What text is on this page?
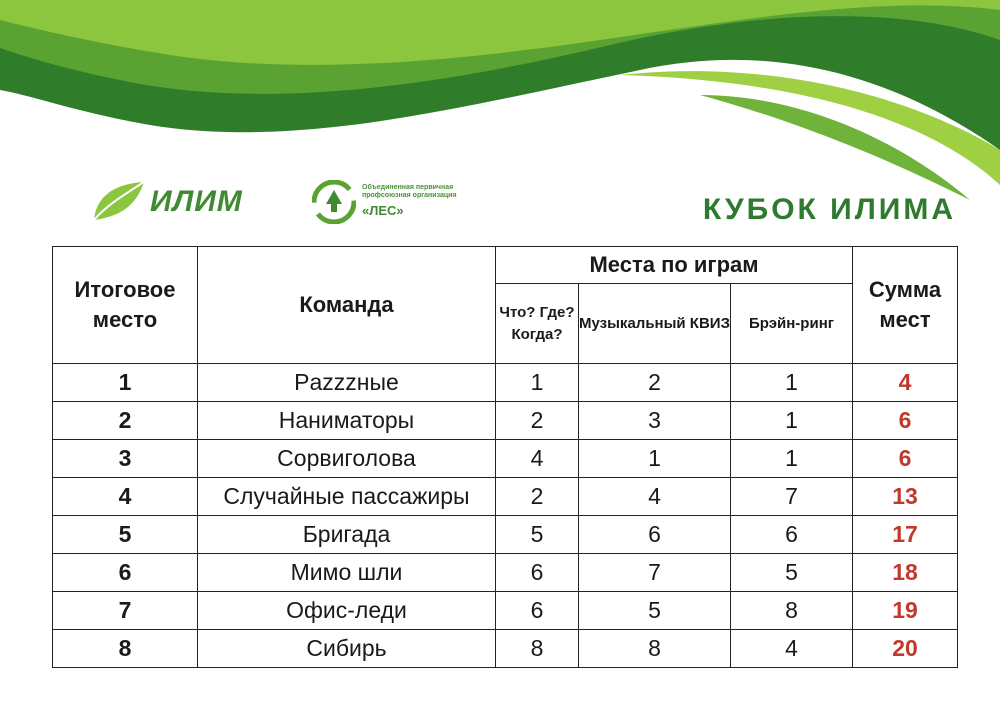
ИЛИМ	Объединенная первичная профсоюзная организация
«ЛЕС»	КУБОК ИЛИМА
Итоговое место	Команда	Места по играм			Сумма мест
		Что? Где? Когда?	Музыкальный КВИЗ	Брэйн-ринг	
1	Pazzzные	1	2	1	4
2	Наниматоры	2	3	1	6
3	Сорвиголова	4	1	1	6
4	Случайные пассажиры	2	4	7	13
5	Бригада	5	6	6	17
6	Мимо шли	6	7	5	18
7	Офис-леди	6	5	8	19
8	Сибирь	8	8	4	20
